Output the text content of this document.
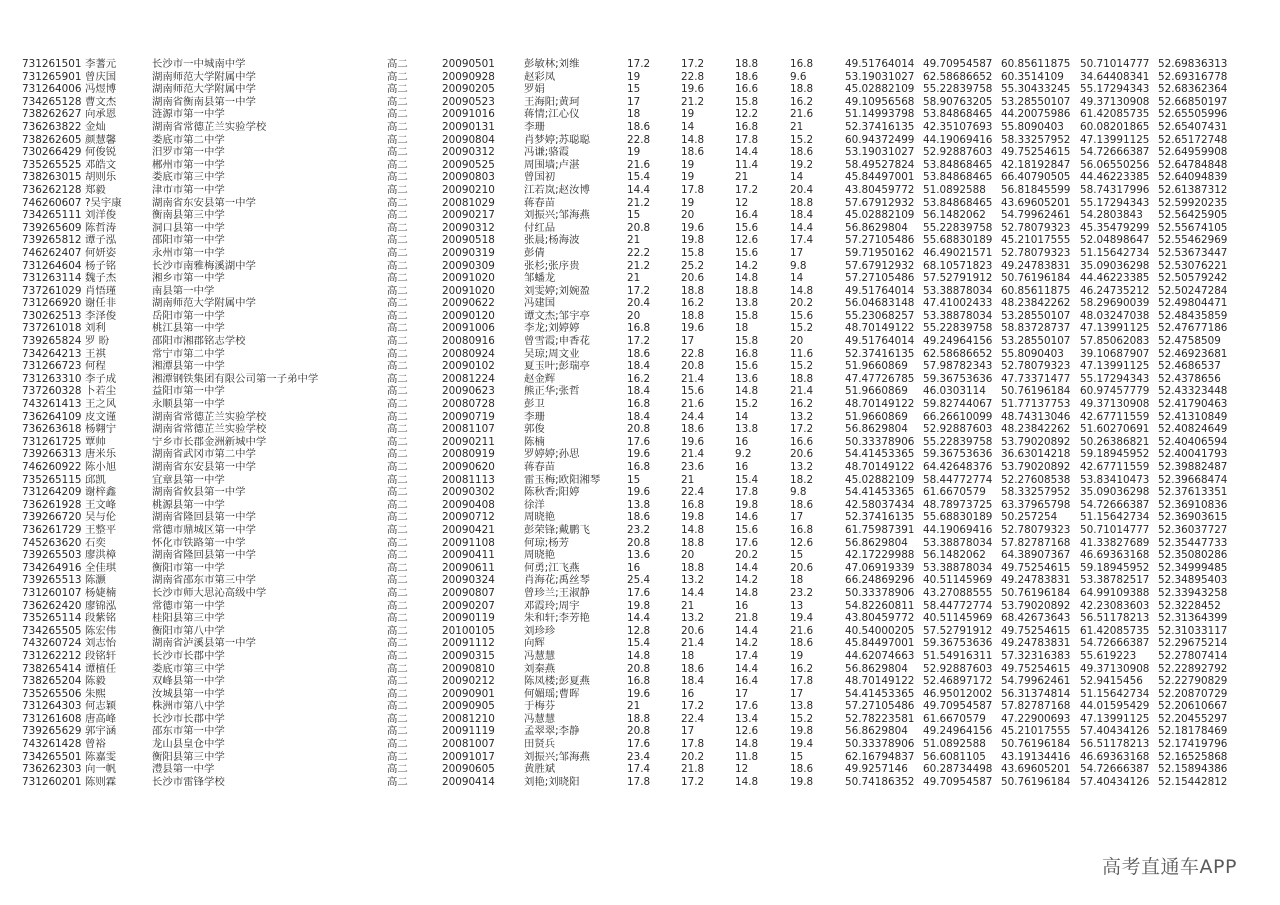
731261501	李蓍元	长沙市一中城南中学	高二	20090501	彭敏林;刘维	17.2	17.2	18.8	16.8	49.51764014	49.70954587	60.85611875	50.71014777	52.69836313
731265901	曾庆国	湖南师范大学附属中学	高二	20090928	赵彩凤	19	22.8	18.6	9.6	53.19031027	62.58686652	60.3514109	34.64408341	52.69316778
731264006	冯煜博	湖南师范大学附属中学	高二	20090205	罗娟	15	19.6	16.6	18.8	45.02882109	55.22839758	55.30433245	55.17294343	52.68362364
734265128	曹文杰	湖南省衡南县第一中学	高二	20090523	王海阳;黄珂	17	21.2	15.8	16.2	49.10956568	58.90763205	53.28550107	49.37130908	52.66850197
738262627	向承恩	涟源市第一中学	高二	20091016	蒋情;江心仪	18	19	12.2	21.6	51.14993798	53.84868465	44.20075986	61.42085735	52.65505996
736263822	金灿	湖南省常德芷兰实验学校	高二	20090131	李珊	18.6	14	16.8	21	52.37416135	42.35107693	55.8090403	60.08201865	52.65407431
738262605	颜慧馨	娄底市第二中学	高二	20090804	肖梦婷;苏聪聪	22.8	14.8	17.8	15.2	60.94372499	44.19069416	58.33257952	47.13991125	52.65172748
730266429	何俊锐	汨罗市第一中学	高二	20090312	冯谦;骆霞	19	18.6	14.4	18.6	53.19031027	52.92887603	49.75254615	54.72666387	52.64959908
735265525	邓皓文	郴州市第一中学	高二	20090525	周围墙;卢湛	21.6	19	11.4	19.2	58.49527824	53.84868465	42.18192847	56.06550256	52.64784848
738263015	胡则乐	娄底市第三中学	高二	20090803	曾国初	15.4	19	21	14	45.84497001	53.84868465	66.40790505	44.46223385	52.64094839
736262128	郑毅	津市市第一中学	高二	20090210	江若岚;赵汝博	14.4	17.8	17.2	20.4	43.80459772	51.0892588	56.81845599	58.74317996	52.61387312
746260607	?吴宇康	湖南省东安县第一中学	高二	20081029	蒋春苗	21.2	19	12	18.8	57.67912932	53.84868465	43.69605201	55.17294343	52.59920235
734265111	刘洋俊	衡南县第三中学	高二	20090217	刘振兴;邹海燕	15	20	16.4	18.4	45.02882109	56.1482062	54.79962461	54.2803843	52.56425905
739265609	陈哲涛	洞口县第一中学	高二	20090312	付红品	20.8	19.6	15.6	14.4	56.8629804	55.22839758	52.78079323	45.35479299	52.55674105
739265812	谭子泓	邵阳市第一中学	高二	20090518	张晨;杨海波	21	19.8	12.6	17.4	57.27105486	55.68830189	45.21017555	52.04898647	52.55462969
746262407	何妍姿	永州市第一中学	高二	20090319	彭倩	22.2	15.8	15.6	17	59.71950162	46.49021571	52.78079323	51.15642734	52.53673447
731264604	杨子铭	长沙市南雅梅溪湖中学	高二	20090309	张杉;张序贵	21.2	25.2	14.2	9.8	57.67912932	68.10571823	49.24783831	35.09036298	52.53076221
731263114	魏子杰	湘乡市第一中学	高二	20091020	邹蟠龙	21	20.6	14.8	14	57.27105486	57.52791912	50.76196184	44.46223385	52.50579242
737261029	肖悟瑾	南县第一中学	高二	20091020	刘雯婷;刘婉盈	17.2	18.8	18.8	14.8	49.51764014	53.38878034	60.85611875	46.24735212	52.50247284
731266920	谢任非	湖南师范大学附属中学	高二	20090622	冯建国	20.4	16.2	13.8	20.2	56.04683148	47.41002433	48.23842262	58.29690039	52.49804471
730262513	李泽俊	岳阳市第一中学	高二	20090120	谭文杰;邹宇亭	20	18.8	15.8	15.6	55.23068257	53.38878034	53.28550107	48.03247038	52.48435859
737261018	刘利	桃江县第一中学	高二	20091006	李龙;刘婷婷	16.8	19.6	18	15.2	48.70149122	55.22839758	58.83728737	47.13991125	52.47677186
739265824	罗 盼	邵阳市湘郡铭志学校	高二	20080916	曾雪霞;申香花	17.2	17	15.8	20	49.51764014	49.24964156	53.28550107	57.85062083	52.4758509
734264213	王祺	常宁市第二中学	高二	20080924	吴琼;周文业	18.6	22.8	16.8	11.6	52.37416135	62.58686652	55.8090403	39.10687907	52.46923681
731266723	何程	湘潭县第一中学	高二	20090102	夏玉叶;彭瑞亭	18.4	20.8	15.6	15.2	51.9660869	57.98782343	52.78079323	47.13991125	52.4686537
731263310	李子成	湘潭钢铁集团有限公司第一子弟中学	高二	20081224	赵金辉	16.2	21.4	13.6	18.8	47.47726785	59.36753636	47.73371477	55.17294343	52.4378656
737260328	卜若尘	益阳市第一中学	高二	20090623	熊正华;张哲	18.4	15.6	14.8	21.4	51.9660869	46.0303114	50.76196184	60.97457779	52.43323448
743261413	王之风	永顺县第一中学	高二	20080728	彭卫	16.8	21.6	15.2	16.2	48.70149122	59.82744067	51.77137753	49.37130908	52.41790463
736264109	皮文谨	湖南省常德芷兰实验学校	高二	20090719	李珊	18.4	24.4	14	13.2	51.9660869	66.26610099	48.74313046	42.67711559	52.41310849
736263618	杨翱宁	湖南省常德芷兰实验学校	高二	20081107	郭俊	20.8	18.6	13.8	17.2	56.8629804	52.92887603	48.23842262	51.60270691	52.40824649
731261725	覃帅	宁乡市长郡金洲新城中学	高二	20090211	陈楠	17.6	19.6	16	16.6	50.33378906	55.22839758	53.79020892	50.26386821	52.40406594
739266313	唐米乐	湖南省武冈市第二中学	高二	20080919	罗婷婷;孙思	19.6	21.4	9.2	20.6	54.41453365	59.36753636	36.63014218	59.18945952	52.40041793
746260922	陈小旭	湖南省东安县第一中学	高二	20090620	蒋春苗	16.8	23.6	16	13.2	48.70149122	64.42648376	53.79020892	42.67711559	52.39882487
735265115	邱凯	宜章县第一中学	高二	20081113	雷玉梅;欧阳湘琴	15	21	15.4	18.2	45.02882109	58.44772774	52.27608538	53.83410473	52.39668474
731264209	谢梓鑫	湖南省攸县第一中学	高二	20090302	陈秋香;阳婷	19.6	22.4	17.8	9.8	54.41453365	61.6670579	58.33257952	35.09036298	52.37613351
736261928	王文峰	桃源县第一中学	高二	20090408	徐洋	13.8	16.8	19.8	18.6	42.58037434	48.78973725	63.37965798	54.72666387	52.36910836
739266720	吴与伦	湖南省隆回县第一中学	高二	20090712	周晓艳	18.6	19.8	14.6	17	52.37416135	55.68830189	50.257254	51.15642734	52.36903615
736261729	王整平	常德市鼎城区第一中学	高二	20090421	彭荣锋;戴鹏飞	23.2	14.8	15.6	16.8	61.75987391	44.19069416	52.78079323	50.71014777	52.36037727
745263620	石奕	怀化市铁路第一中学	高二	20091108	何琼;杨芳	20.8	18.8	17.6	12.6	56.8629804	53.38878034	57.82787168	41.33827689	52.35447733
739265503	廖洪樟	湖南省隆回县第一中学	高二	20090411	周晓艳	13.6	20	20.2	15	42.17229988	56.1482062	64.38907367	46.69363168	52.35080286
734264916	全佳琪	衡阳市第一中学	高二	20090611	何勇;江飞燕	16	18.8	14.4	20.6	47.06919339	53.38878034	49.75254615	59.18945952	52.34999485
739265513	陈灏	湖南省邵东市第三中学	高二	20090324	肖海花;禹丝琴	25.4	13.2	14.2	18	66.24869296	40.51145969	49.24783831	53.38782517	52.34895403
731260107	杨婕楠	长沙市师大思沁高级中学	高二	20090807	曾珍兰;王淑静	17.6	14.4	14.8	23.2	50.33378906	43.27088555	50.76196184	64.99109388	52.33943258
736262420	廖锦泓	常德市第一中学	高二	20090207	邓霞玲;周宇	19.8	21	16	13	54.82260811	58.44772774	53.79020892	42.23083603	52.3228452
735265114	段紫铭	桂阳县第三中学	高二	20090119	朱和轩;李芳艳	14.4	13.2	21.8	19.4	43.80459772	40.51145969	68.42673643	56.51178213	52.31364399
734265505	陈宏伟	衡阳市第八中学	高二	20100105	刘珍珍	12.8	20.6	14.4	21.6	40.54000205	57.52791912	49.75254615	61.42085735	52.31033117
743260724	刘志怡	湖南省泸溪县第一中学	高二	20091112	向辉	15.4	21.4	14.2	18.6	45.84497001	59.36753636	49.24783831	54.72666387	52.29675214
731262212	段铭轩	长沙市长郡中学	高二	20090315	冯慧慧	14.8	18	17.4	19	44.62074663	51.54916311	57.32316383	55.619223	52.27807414
738265414	谭植任	娄底市第三中学	高二	20090810	刘秦燕	20.8	18.6	14.4	16.2	56.8629804	52.92887603	49.75254615	49.37130908	52.22892792
738265204	陈毅	双峰县第一中学	高二	20090212	陈凤楼;彭夏燕	16.8	18.4	16.4	17.8	48.70149122	52.46897172	54.79962461	52.9415456	52.22790829
735265506	朱熙	汝城县第一中学	高二	20090901	何媚瑶;曹晖	19.6	16	17	17	54.41453365	46.95012002	56.31374814	51.15642734	52.20870729
731264303	何志颖	株洲市第八中学	高二	20090905	于梅芬	21	17.2	17.6	13.8	57.27105486	49.70954587	57.82787168	44.01595429	52.20610667
731261608	唐高峰	长沙市长郡中学	高二	20081210	冯慧慧	18.8	22.4	13.4	15.2	52.78223581	61.6670579	47.22900693	47.13991125	52.20455297
739265629	郭宇涵	邵东市第一中学	高二	20091119	孟翠翠;李静	20.8	17	12.6	19.8	56.8629804	49.24964156	45.21017555	57.40434126	52.18178469
743261428	曾裕	龙山县皇仓中学	高二	20081007	田贤兵	17.6	17.8	14.8	19.4	50.33378906	51.0892588	50.76196184	56.51178213	52.17419796
734265501	陈嘉雯	衡阳县第三中学	高二	20091017	刘振兴;邹海燕	23.4	20.2	11.8	15	62.16794837	56.6081105	43.19134416	46.69363168	52.16525868
736262303	向一帆	澧县第一中学	高二	20090605	黄胜斌	17.4	21.8	12	18.6	49.9257146	60.28734498	43.69605201	54.72666387	52.15894386
731260201	陈则霖	长沙市雷锋学校	高二	20090414	刘艳;刘晓阳	17.8	17.2	14.8	19.8	50.74186352	49.70954587	50.76196184	57.40434126	52.15442812
高考直通车APP
